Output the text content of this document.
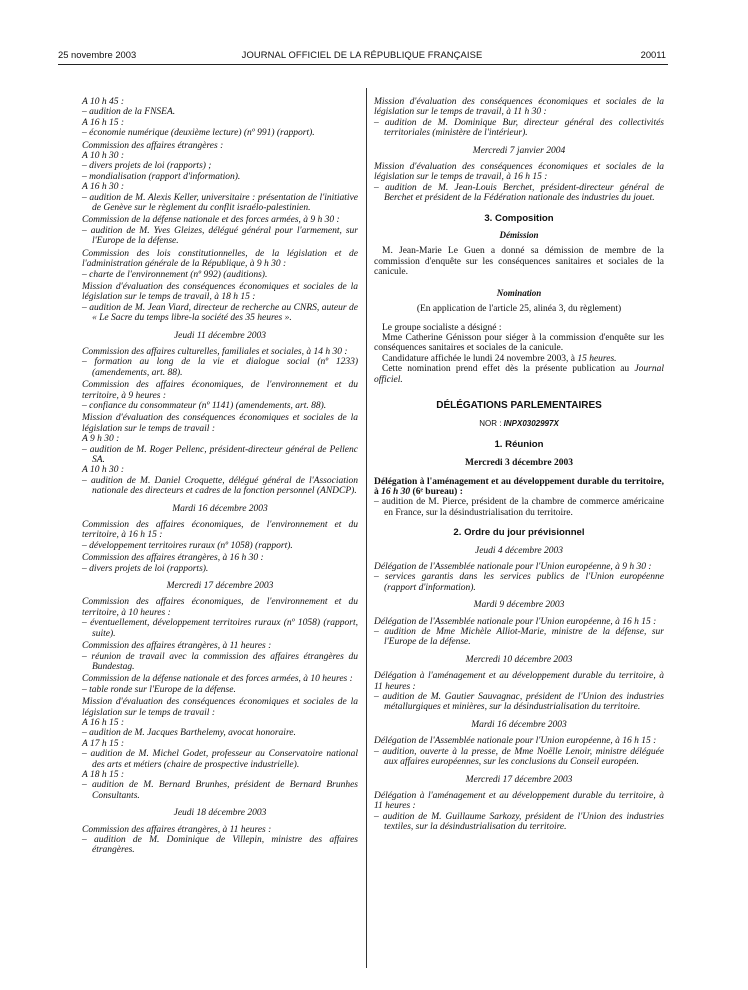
25 novembre 2003	JOURNAL OFFICIEL DE LA RÉPUBLIQUE FRANÇAISE	20011

A 10 h 45 :

– audition de la FNSEA.

A 16 h 15 :

– économie numérique (deuxième lecture) (nº 991) (rapport).

Commission des affaires étrangères :

A 10 h 30 :

– divers projets de loi (rapports) ;

– mondialisation (rapport d'information).

A 16 h 30 :

– audition de M. Alexis Keller, universitaire : présentation de l'initiative de Genève sur le règlement du conflit israélo-palestinien.

Commission de la défense nationale et des forces armées, à 9 h 30 :

– audition de M. Yves Gleizes, délégué général pour l'armement, sur l'Europe de la défense.

Commission des lois constitutionnelles, de la législation et de l'administration générale de la République, à 9 h 30 :

– charte de l'environnement (nº 992) (auditions).

Mission d'évaluation des conséquences économiques et sociales de la législation sur le temps de travail, à 18 h 15 :

– audition de M. Jean Viard, directeur de recherche au CNRS, auteur de « Le Sacre du temps libre-la société des 35 heures ».

Jeudi 11 décembre 2003

Commission des affaires culturelles, familiales et sociales, à 14 h 30 :

– formation au long de la vie et dialogue social (nº 1233) (amendements, art. 88).

Commission des affaires économiques, de l'environnement et du territoire, à 9 heures :

– confiance du consommateur (nº 1141) (amendements, art. 88).

Mission d'évaluation des conséquences économiques et sociales de la législation sur le temps de travail :

A 9 h 30 :

– audition de M. Roger Pellenc, président-directeur général de Pellenc SA.

A 10 h 30 :

– audition de M. Daniel Croquette, délégué général de l'Association nationale des directeurs et cadres de la fonction personnel (ANDCP).

Mardi 16 décembre 2003

Commission des affaires économiques, de l'environnement et du territoire, à 16 h 15 :

– développement territoires ruraux (nº 1058) (rapport).

Commission des affaires étrangères, à 16 h 30 :

– divers projets de loi (rapports).

Mercredi 17 décembre 2003

Commission des affaires économiques, de l'environnement et du territoire, à 10 heures :

– éventuellement, développement territoires ruraux (nº 1058) (rapport, suite).

Commission des affaires étrangères, à 11 heures :

– réunion de travail avec la commission des affaires étrangères du Bundestag.

Commission de la défense nationale et des forces armées, à 10 heures :

– table ronde sur l'Europe de la défense.

Mission d'évaluation des conséquences économiques et sociales de la législation sur le temps de travail :

A 16 h 15 :

– audition de M. Jacques Barthelemy, avocat honoraire.

A 17 h 15 :

– audition de M. Michel Godet, professeur au Conservatoire national des arts et métiers (chaire de prospective industrielle).

A 18 h 15 :

– audition de M. Bernard Brunhes, président de Bernard Brunhes Consultants.

Jeudi 18 décembre 2003

Commission des affaires étrangères, à 11 heures :

– audition de M. Dominique de Villepin, ministre des affaires étrangères.

Mission d'évaluation des conséquences économiques et sociales de la législation sur le temps de travail, à 11 h 30 :

– audition de M. Dominique Bur, directeur général des collectivités territoriales (ministère de l'intérieur).

Mercredi 7 janvier 2004

Mission d'évaluation des conséquences économiques et sociales de la législation sur le temps de travail, à 16 h 15 :

– audition de M. Jean-Louis Berchet, président-directeur général de Berchet et président de la Fédération nationale des industries du jouet.

3. Composition

Démission

M. Jean-Marie Le Guen a donné sa démission de membre de la commission d'enquête sur les conséquences sanitaires et sociales de la canicule.

Nomination

(En application de l'article 25, alinéa 3, du règlement)

Le groupe socialiste a désigné :

Mme Catherine Génisson pour siéger à la commission d'enquête sur les conséquences sanitaires et sociales de la canicule.

Candidature affichée le lundi 24 novembre 2003, à 15 heures.

Cette nomination prend effet dès la présente publication au Journal officiel.

DÉLÉGATIONS PARLEMENTAIRES

NOR : INPX0302997X

1. Réunion

Mercredi 3 décembre 2003

Délégation à l'aménagement et au développement durable du territoire, à 16 h 30 (6ᵉ bureau) :

– audition de M. Pierce, président de la chambre de commerce américaine en France, sur la désindustrialisation du territoire.

2. Ordre du jour prévisionnel

Jeudi 4 décembre 2003

Délégation de l'Assemblée nationale pour l'Union européenne, à 9 h 30 :

– services garantis dans les services publics de l'Union européenne (rapport d'information).

Mardi 9 décembre 2003

Délégation de l'Assemblée nationale pour l'Union européenne, à 16 h 15 :

– audition de Mme Michèle Alliot-Marie, ministre de la défense, sur l'Europe de la défense.

Mercredi 10 décembre 2003

Délégation à l'aménagement et au développement durable du territoire, à 11 heures :

– audition de M. Gautier Sauvagnac, président de l'Union des industries métallurgiques et minières, sur la désindustrialisation du territoire.

Mardi 16 décembre 2003

Délégation de l'Assemblée nationale pour l'Union européenne, à 16 h 15 :

– audition, ouverte à la presse, de Mme Noëlle Lenoir, ministre déléguée aux affaires européennes, sur les conclusions du Conseil européen.

Mercredi 17 décembre 2003

Délégation à l'aménagement et au développement durable du territoire, à 11 heures :

– audition de M. Guillaume Sarkozy, président de l'Union des industries textiles, sur la désindustrialisation du territoire.
